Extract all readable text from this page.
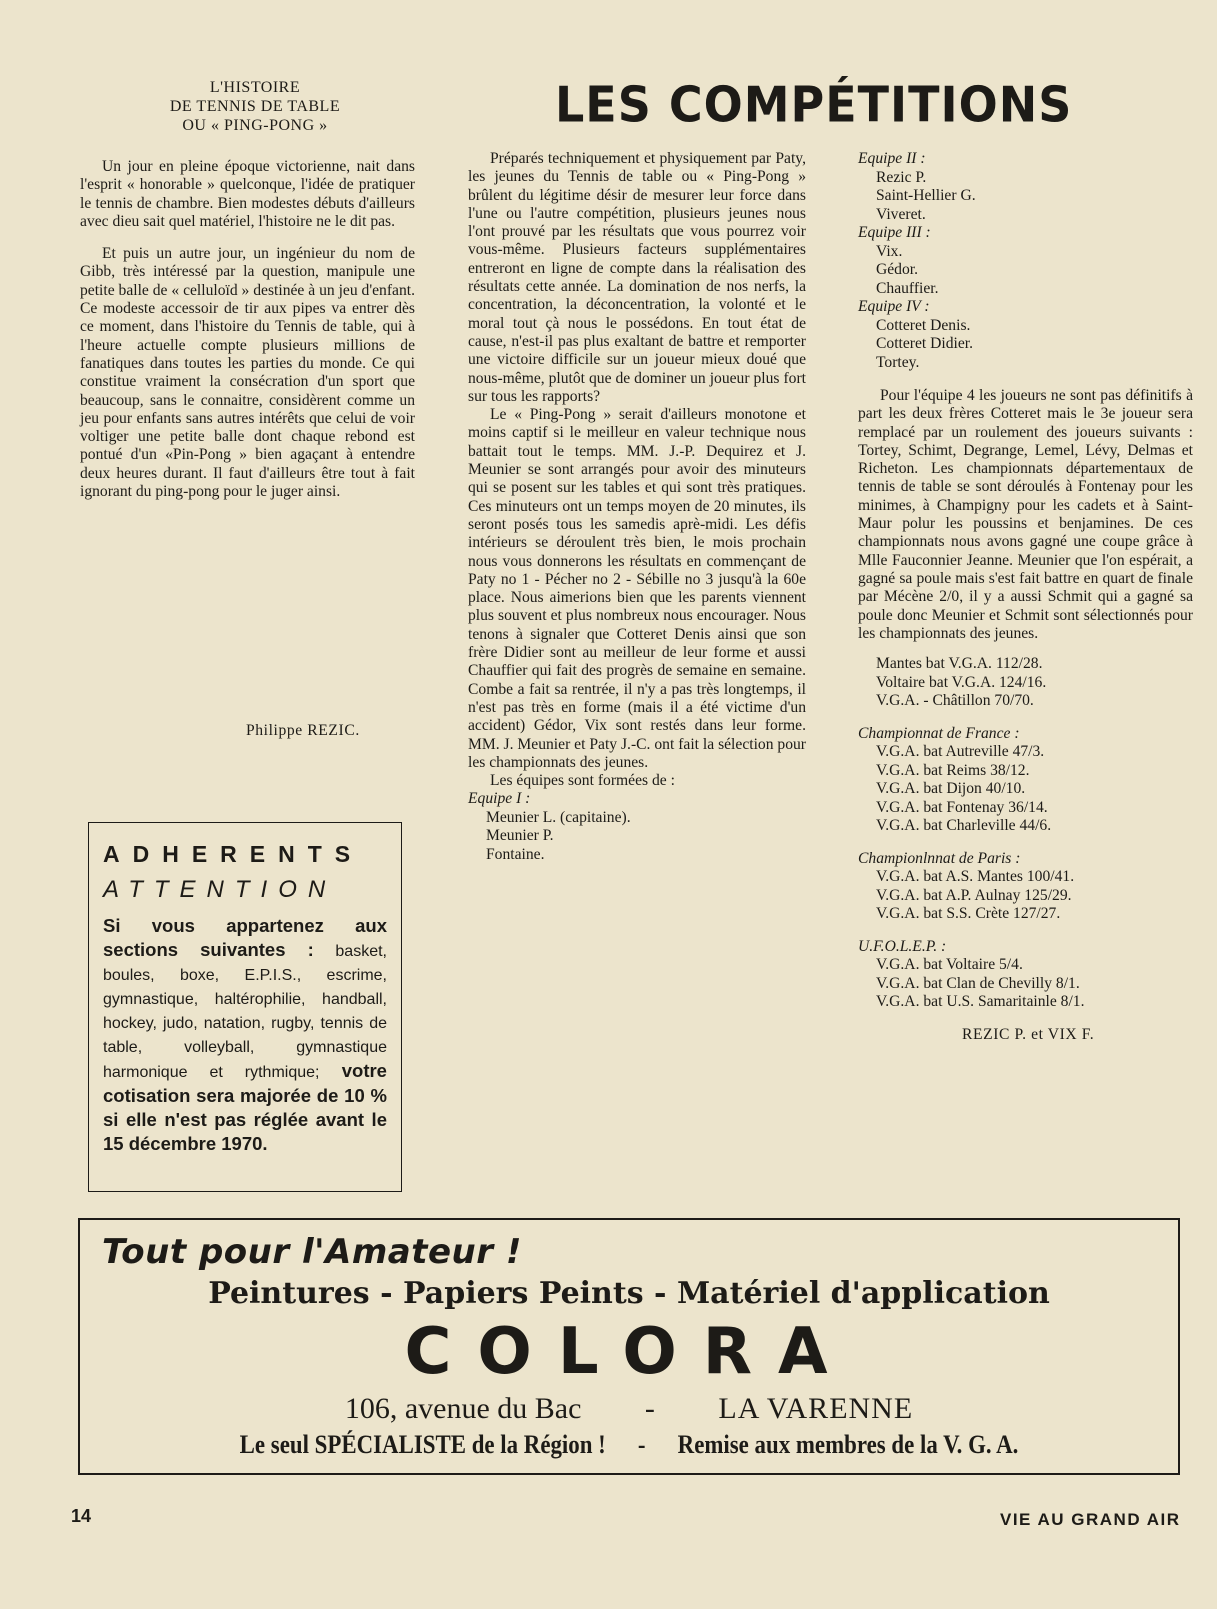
L'HISTOIRE
DE TENNIS DE TABLE
OU « PING-PONG »

Un jour en pleine époque victorienne, nait dans l'esprit « honorable » quelconque, l'idée de pratiquer le tennis de chambre. Bien modestes débuts d'ailleurs avec dieu sait quel matériel, l'histoire ne le dit pas.

Et puis un autre jour, un ingénieur du nom de Gibb, très intéressé par la question, manipule une petite balle de « celluloïd » destinée à un jeu d'enfant. Ce modeste accessoir de tir aux pipes va entrer dès ce moment, dans l'histoire du Tennis de table, qui à l'heure actuelle compte plusieurs millions de fanatiques dans toutes les parties du monde. Ce qui constitue vraiment la consécration d'un sport que beaucoup, sans le connaitre, considèrent comme un jeu pour enfants sans autres intérêts que celui de voir voltiger une petite balle dont chaque rebond est pontué d'un «Pin-Pong » bien agaçant à entendre deux heures durant. Il faut d'ailleurs être tout à fait ignorant du ping-pong pour le juger ainsi.

Philippe REZIC.
ADHERENTS
ATTENTION
Si vous appartenez aux sections suivantes : basket, boules, boxe, E.P.I.S., escrime, gymnastique, haltérophilie, handball, hockey, judo, natation, rugby, tennis de table, volleyball, gymnastique harmonique et rythmique; votre cotisation sera majorée de 10 % si elle n'est pas réglée avant le 15 décembre 1970.
LES COMPÉTITIONS

Préparés techniquement et physiquement par Paty, les jeunes du Tennis de table ou « Ping-Pong » brûlent du légitime désir de mesurer leur force dans l'une ou l'autre compétition, plusieurs jeunes nous l'ont prouvé par les résultats que vous pourrez voir vous-même. Plusieurs facteurs supplémentaires entreront en ligne de compte dans la réalisation des résultats cette année. La domination de nos nerfs, la concentration, la déconcentration, la volonté et le moral tout çà nous le possédons. En tout état de cause, n'est-il pas plus exaltant de battre et remporter une victoire difficile sur un joueur mieux doué que nous-même, plutôt que de dominer un joueur plus fort sur tous les rapports?

Le « Ping-Pong » serait d'ailleurs monotone et moins captif si le meilleur en valeur technique nous battait tout le temps. MM. J.-P. Dequirez et J. Meunier se sont arrangés pour avoir des minuteurs qui se posent sur les tables et qui sont très pratiques. Ces minuteurs ont un temps moyen de 20 minutes, ils seront posés tous les samedis aprè-midi. Les défis intérieurs se déroulent très bien, le mois prochain nous vous donnerons les résultats en commençant de Paty no 1 - Pécher no 2 - Sébille no 3 jusqu'à la 60e place. Nous aimerions bien que les parents viennent plus souvent et plus nombreux nous encourager. Nous tenons à signaler que Cotteret Denis ainsi que son frère Didier sont au meilleur de leur forme et aussi Chauffier qui fait des progrès de semaine en semaine. Combe a fait sa rentrée, il n'y a pas très longtemps, il n'est pas très en forme (mais il a été victime d'un accident) Gédor, Vix sont restés dans leur forme. MM. J. Meunier et Paty J.-C. ont fait la sélection pour les championnats des jeunes.

Les équipes sont formées de :

Equipe I :
Meunier L. (capitaine).
Meunier P.
Fontaine.
Equipe II :
Rezic P.
Saint-Hellier G.
Viveret.
Equipe III :
Vix.
Gédor.
Chauffier.
Equipe IV :
Cotteret Denis.
Cotteret Didier.
Tortey.

Pour l'équipe 4 les joueurs ne sont pas définitifs à part les deux frères Cotteret mais le 3e joueur sera remplacé par un roulement des joueurs suivants : Tortey, Schimt, Degrange, Lemel, Lévy, Delmas et Richeton. Les championnats départementaux de tennis de table se sont déroulés à Fontenay pour les minimes, à Champigny pour les cadets et à Saint-Maur polur les poussins et benjamines. De ces championnats nous avons gagné une coupe grâce à Mlle Fauconnier Jeanne. Meunier que l'on espérait, a gagné sa poule mais s'est fait battre en quart de finale par Mécène 2/0, il y a aussi Schmit qui a gagné sa poule donc Meunier et Schmit sont sélectionnés pour les championnats des jeunes.

Mantes bat V.G.A. 112/28.
Voltaire bat V.G.A. 124/16.
V.G.A. - Châtillon 70/70.
Championnat de France :
V.G.A. bat Autreville 47/3.
V.G.A. bat Reims 38/12.
V.G.A. bat Dijon 40/10.
V.G.A. bat Fontenay 36/14.
V.G.A. bat Charleville 44/6.
Championlnnat de Paris :
V.G.A. bat A.S. Mantes 100/41.
V.G.A. bat A.P. Aulnay 125/29.
V.G.A. bat S.S. Crète 127/27.
U.F.O.L.E.P. :
V.G.A. bat Voltaire 5/4.
V.G.A. bat Clan de Chevilly 8/1.
V.G.A. bat U.S. Samaritainle 8/1.
REZIC P. et VIX F.
Tout pour l'Amateur !
Peintures - Papiers Peints - Matériel d'application
COLORA
106, avenue du Bac - LA VARENNE
Le seul SPÉCIALISTE de la Région ! - Remise aux membres de la V. G. A.
14	VIE AU GRAND AIR
